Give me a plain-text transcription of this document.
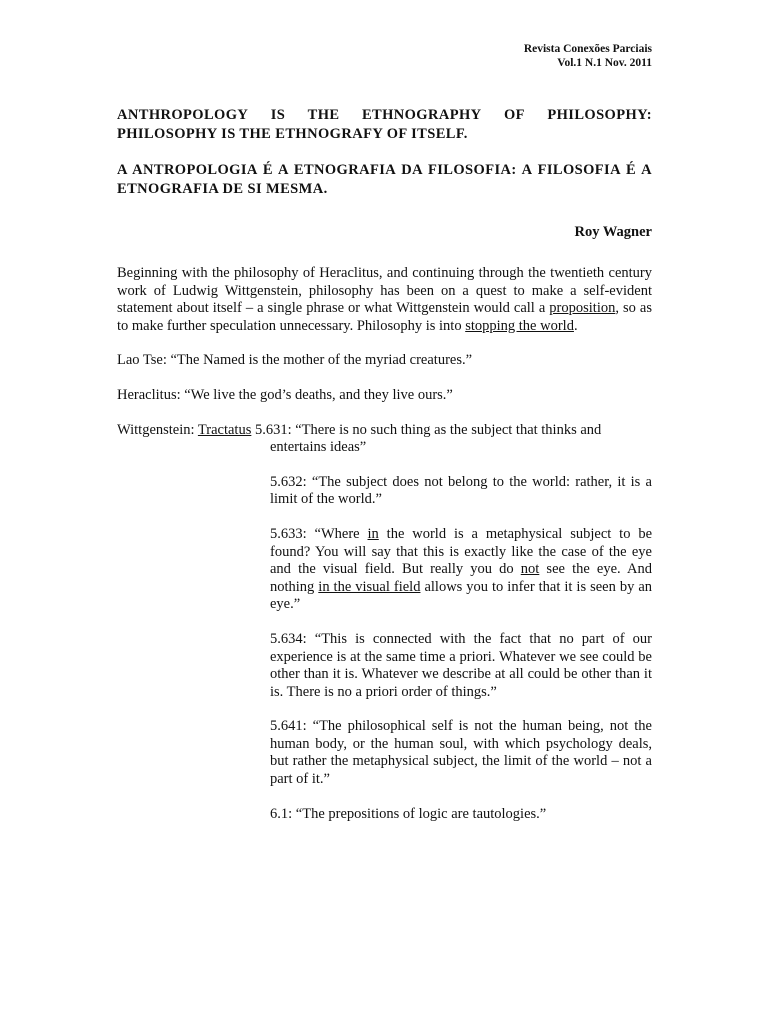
Revista Conexões Parciais
Vol.1 N.1 Nov. 2011
ANTHROPOLOGY IS THE ETHNOGRAPHY OF PHILOSOPHY:
PHILOSOPHY IS THE ETHNOGRAFY OF ITSELF.
A ANTROPOLOGIA É A ETNOGRAFIA DA FILOSOFIA: A FILOSOFIA É A ETNOGRAFIA DE SI MESMA.
Roy Wagner

Beginning with the philosophy of Heraclitus, and continuing through the twentieth century work of Ludwig Wittgenstein, philosophy has been on a quest to make a self-evident statement about itself – a single phrase or what Wittgenstein would call a proposition, so as to make further speculation unnecessary. Philosophy is into stopping the world.

Lao Tse: “The Named is the mother of the myriad creatures.”

Heraclitus: “We live the god’s deaths, and they live ours.”

Wittgenstein: Tractatus 5.631: “There is no such thing as the subject that thinks and
entertains ideas”

5.632: “The subject does not belong to the world: rather, it is a limit of the world.”

5.633: “Where in the world is a metaphysical subject to be found? You will say that this is exactly like the case of the eye and the visual field. But really you do not see the eye. And nothing in the visual field allows you to infer that it is seen by an eye.”

5.634: “This is connected with the fact that no part of our experience is at the same time a priori. Whatever we see could be other than it is. Whatever we describe at all could be other than it is. There is no a priori order of things.”

5.641: “The philosophical self is not the human being, not the human body, or the human soul, with which psychology deals, but rather the metaphysical subject, the limit of the world – not a part of it.”

6.1: “The prepositions of logic are tautologies.”
